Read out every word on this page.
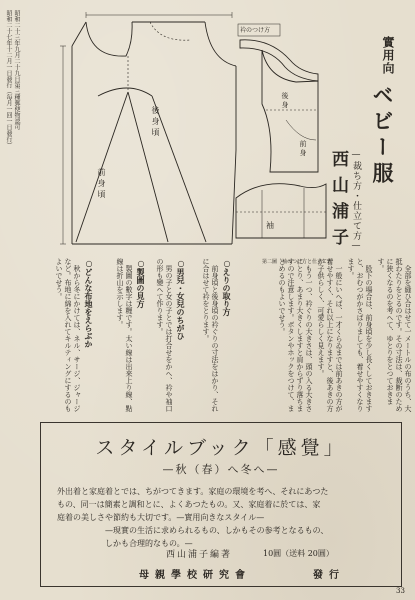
昭和二十三年九月二十九日第三種郵便物認可
昭和二十七年十二月一日發行（毎月一回一日發行）	後身頃
前身頃
衿のつけ方
後身
前身
袖
第二圖　袖のつけ方と仕立て方
實用向
ベビー服
—裁ち方・仕立て方—
西山浦子

全部を縫ひ合はせて一メートルの布のうち、大抵わたりをとるのです。その寸法は、裁断のために狭くなるのを考へて、ゆとりをとつておきます。

股下の場合は、前身頃を少し長くしておきますと、おむつがかさばりましても、着せやすくなります。

一般にいへば、一才くらゐまでは前あきの方が着せやすく、それ以上になりますと、後あきの方が子供らしく、可愛らしく見えます。

もう一つ、衿ぐりの大きさは、頭の入る大きさにとり、あまり大きくしますと肩からずり落ちますので注意します。ボタンやホックをつけて、まとめるのもよいでせう。

○えりの取り方

前身頃と後身頃の衿ぐりの寸法をはかり、それに合はせて衿をとります。

○男兒・女兒のちがひ

男の子と女の子とでは打合せをかへ、衿や袖口の形も變へて作ります。

○製圖の見方

製圖の數字は糎です。太い線は出来上り線、點線は折山を示します。

○どんな布地をえらぶか

秋から冬にかけては、ネル、サージ、ジャージなど。布地に綿を入れてキルティングにするのもよいでせう。

スタイルブック「感覺」
—秋（春）へ冬へ—
外出着と家庭着とでは、ちがつてきます。家庭の環境を考へ、それにあつた
もの、同一は簡素と調和とに、よくあつたもの。又、家庭着に於ては、家
庭着の美しさや節約も大切です。—實用向きなスタイル—
—現實の生活に求められるもの、しかもその参考となるもの、
しかも合理的なもの。—
西山浦子編著	10圓（送料 20圓）
母親學校研究會	發行
33
